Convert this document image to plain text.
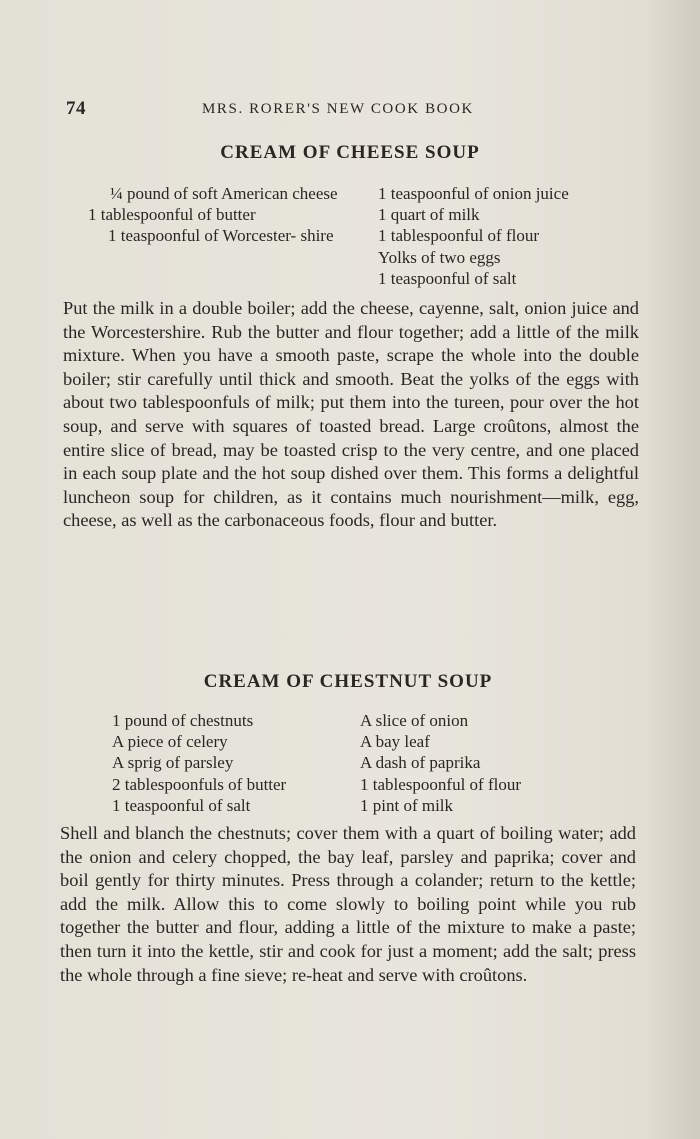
74	MRS. RORER'S NEW COOK BOOK
CREAM OF CHEESE SOUP
¼ pound of soft American cheese
1 tablespoonful of butter
1 teaspoonful of Worcester- shire
1 teaspoonful of onion juice
1 quart of milk
1 tablespoonful of flour
Yolks of two eggs
1 teaspoonful of salt

Put the milk in a double boiler; add the cheese, cayenne, salt, onion juice and the Worcestershire. Rub the butter and flour together; add a little of the milk mixture. When you have a smooth paste, scrape the whole into the double boiler; stir carefully until thick and smooth. Beat the yolks of the eggs with about two tablespoonfuls of milk; put them into the tureen, pour over the hot soup, and serve with squares of toasted bread. Large croûtons, almost the entire slice of bread, may be toasted crisp to the very centre, and one placed in each soup plate and the hot soup dished over them. This forms a delightful luncheon soup for children, as it contains much nourishment—milk, egg, cheese, as well as the carbonaceous foods, flour and butter.

CREAM OF CHESTNUT SOUP
1 pound of chestnuts
A piece of celery
A sprig of parsley
2 tablespoonfuls of butter
1 teaspoonful of salt
A slice of onion
A bay leaf
A dash of paprika
1 tablespoonful of flour
1 pint of milk

Shell and blanch the chestnuts; cover them with a quart of boiling water; add the onion and celery chopped, the bay leaf, parsley and paprika; cover and boil gently for thirty minutes. Press through a colander; return to the kettle; add the milk. Allow this to come slowly to boiling point while you rub together the butter and flour, adding a little of the mixture to make a paste; then turn it into the kettle, stir and cook for just a moment; add the salt; press the whole through a fine sieve; re-heat and serve with croûtons.
